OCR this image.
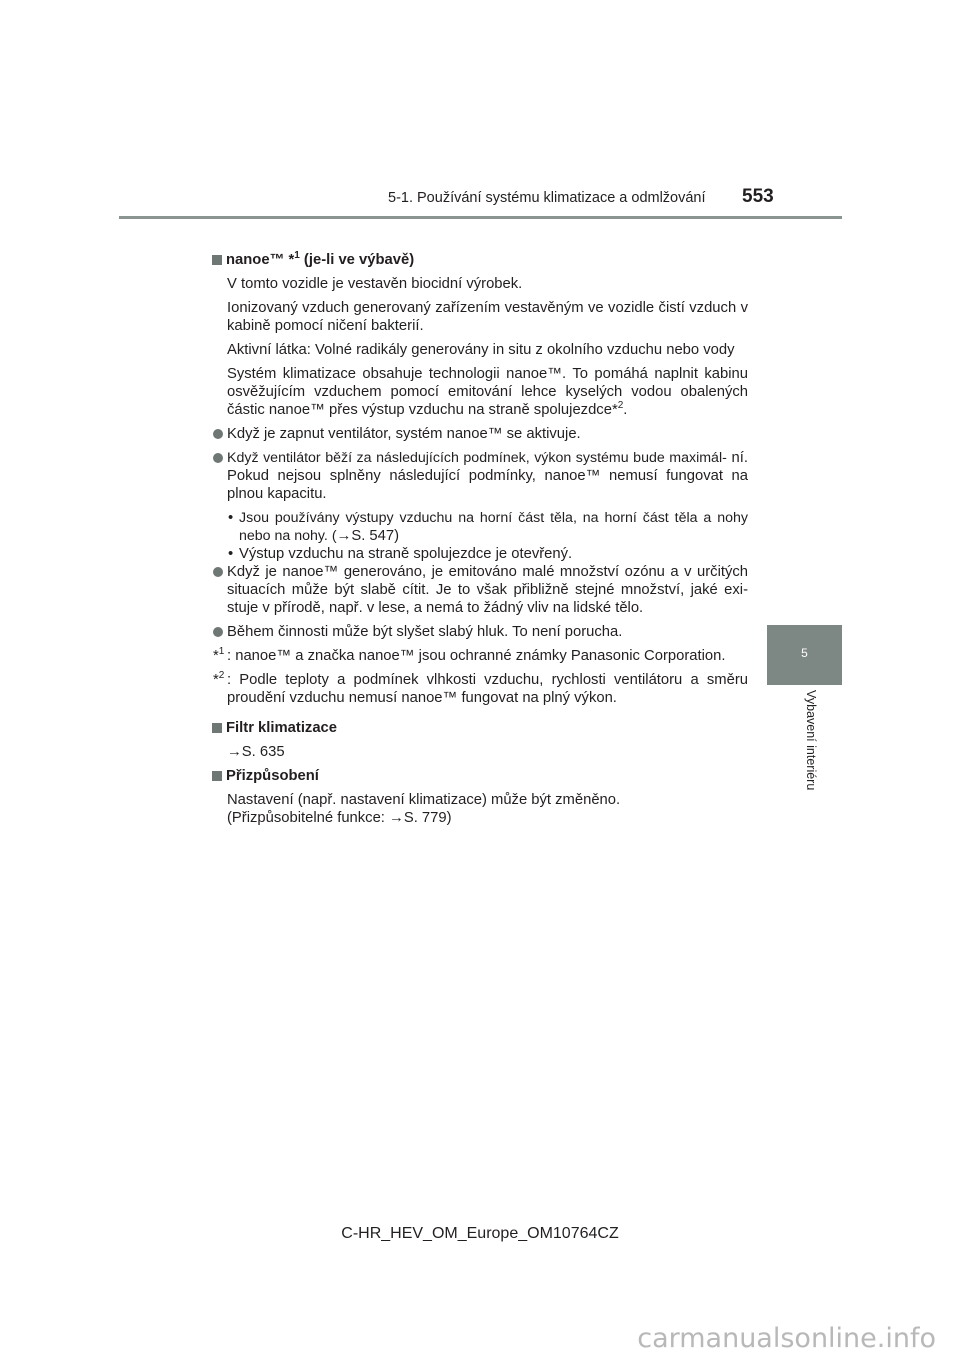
5-1. Používání systému klimatizace a odmlžování 553
5
Vybavení interiéru
nanoe™ *$^1$ (je-li ve výbavě)

V tomto vozidle je vestavěn biocidní výrobek.

Ionizovaný vzduch generovaný zařízením vestavěným ve vozidle čistí vzduch v kabině pomocí ničení bakterií.

Aktivní látka: Volné radikály generovány in situ z okolního vzduchu nebo vody

Systém klimatizace obsahuje technologii nanoe™. To pomáhá naplnit kabinu osvěžujícím vzduchem pomocí emitování lehce kyselých vodou obalených částic nanoe™ přes výstup vzduchu na straně spolujezdce*$^2$.

Když je zapnut ventilátor, systém nanoe™ se aktivuje.
Když ventilátor běží za následujících podmínek, výkon systému bude maximál- ní. Pokud nejsou splněny následující podmínky, nanoe™ nemusí fungovat na plnou kapacitu.
• Jsou používány výstupy vzduchu na horní část těla, na horní část těla a nohy nebo na nohy. (→S. 547)
• Výstup vzduchu na straně spolujezdce je otevřený.
Když je nanoe™ generováno, je emitováno malé množství ozónu a v určitých situacích může být slabě cítit. Je to však přibližně stejné množství, jaké exi- stuje v přírodě, např. v lese, a nemá to žádný vliv na lidské tělo.
Během činnosti může být slyšet slabý hluk. To není porucha.
*$^1$ : nanoe™ a značka nanoe™ jsou ochranné známky Panasonic Corporation.
*$^2$ : Podle teploty a podmínek vlhkosti vzduchu, rychlosti ventilátoru a směru proudění vzduchu nemusí nanoe™ fungovat na plný výkon.
Filtr klimatizace

→S. 635

Přizpůsobení

Nastavení (např. nastavení klimatizace) může být změněno.

(Přizpůsobitelné funkce: →S. 779)

C-HR_HEV_OM_Europe_OM10764CZ
carmanualsonline.info
